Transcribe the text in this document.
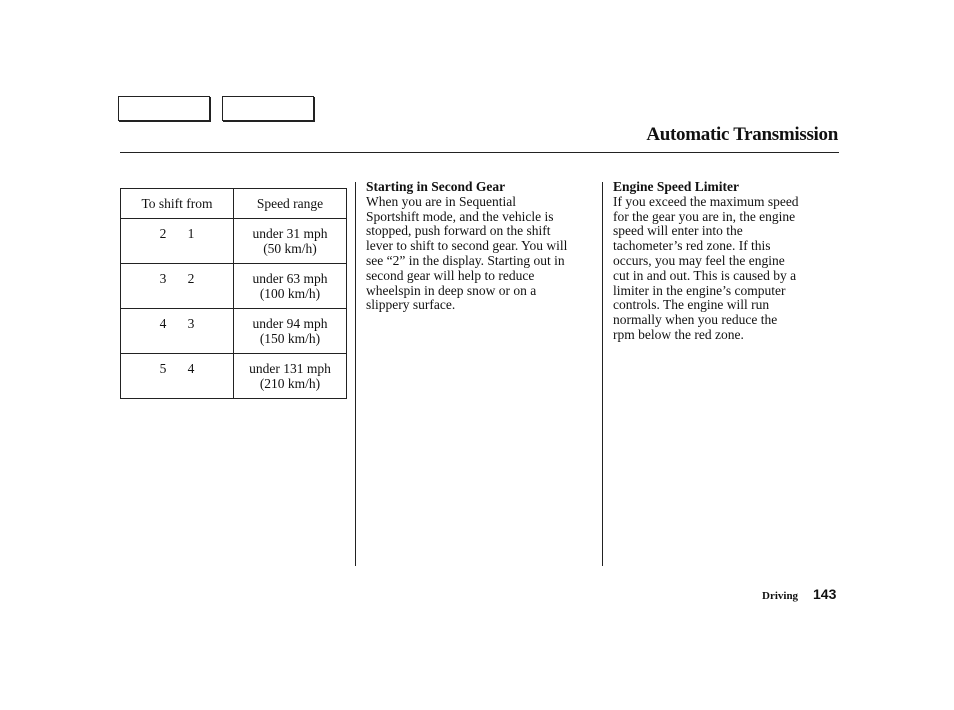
Automatic Transmission
To shift from	Speed range

2 1	under 31 mph
(50 km/h)

3 2	under 63 mph
(100 km/h)

4 3	under 94 mph
(150 km/h)

5 4	under 131 mph
(210 km/h)
Starting in Second Gear

When you are in Sequential
Sportshift mode, and the vehicle is
stopped, push forward on the shift
lever to shift to second gear. You will
see “2” in the display. Starting out in
second gear will help to reduce
wheelspin in deep snow or on a
slippery surface.

Engine Speed Limiter

If you exceed the maximum speed
for the gear you are in, the engine
speed will enter into the
tachometer’s red zone. If this
occurs, you may feel the engine
cut in and out. This is caused by a
limiter in the engine’s computer
controls. The engine will run
normally when you reduce the
rpm below the red zone.

Driving 143
